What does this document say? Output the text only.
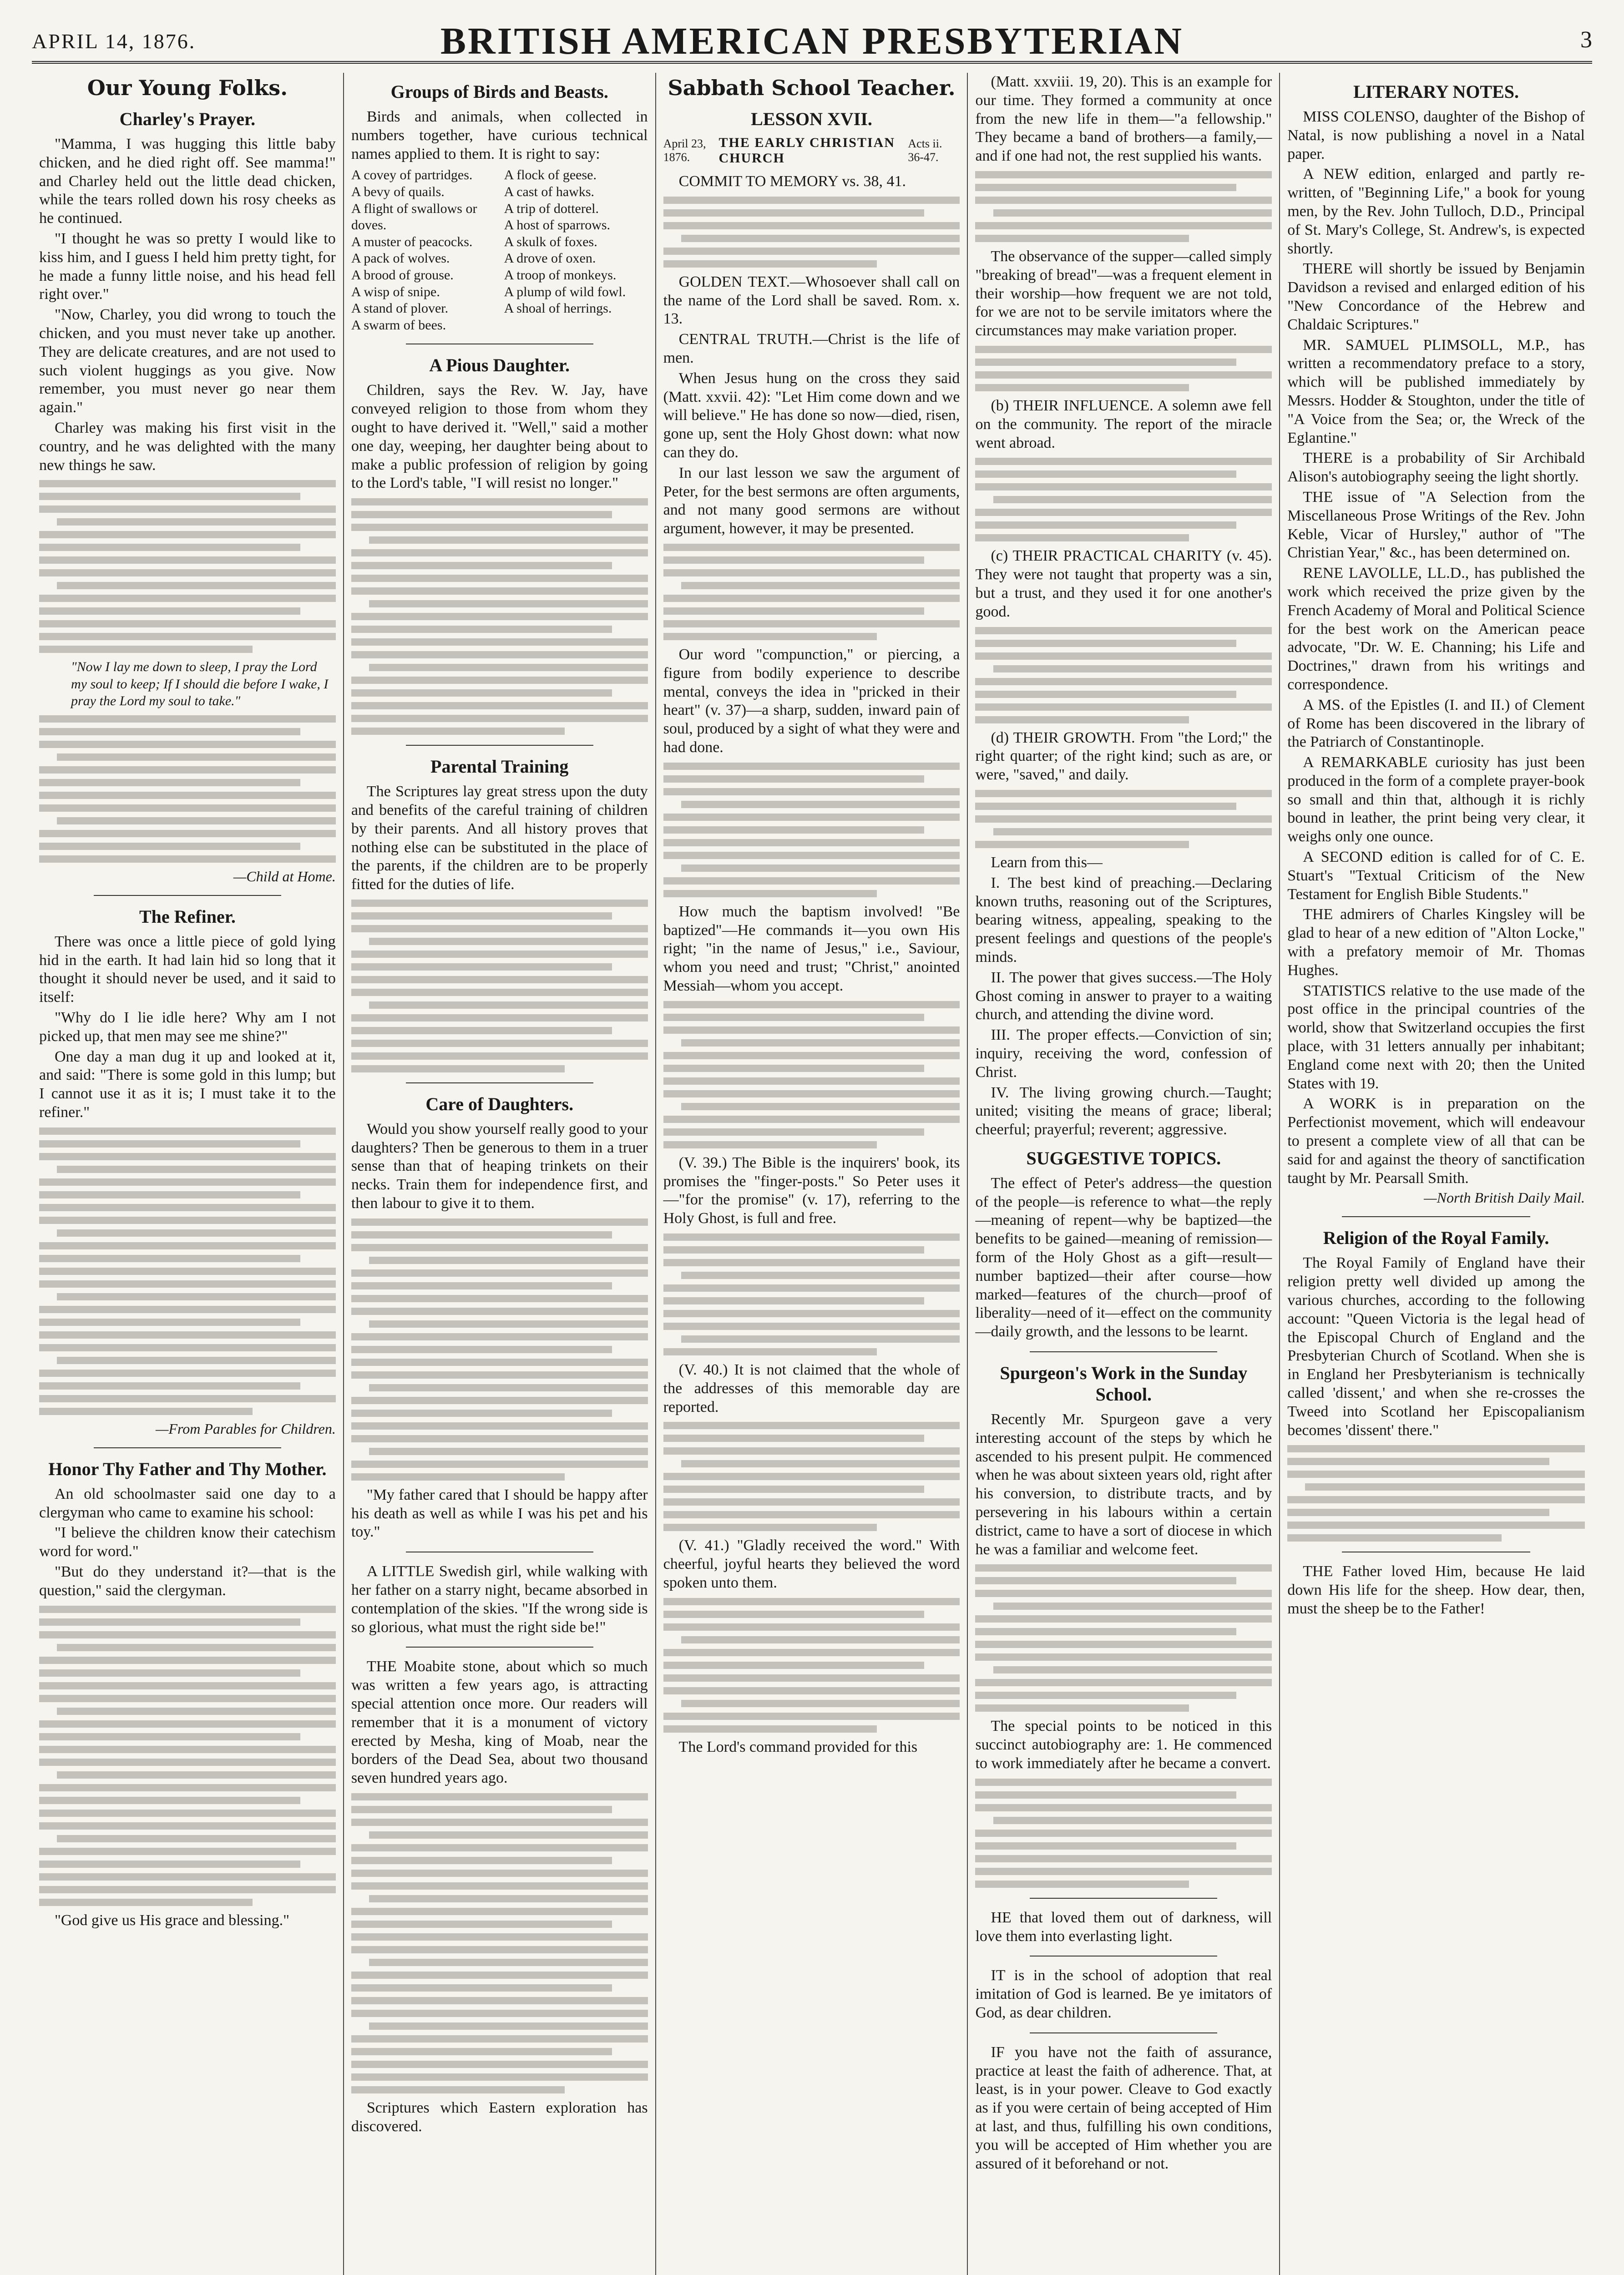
APRIL 14, 1876.	BRITISH AMERICAN PRESBYTERIAN	3
Our Young Folks.
Charley's Prayer.

"Mamma, I was hugging this little baby chicken, and he died right off. See mamma!" and Charley held out the little dead chicken, while the tears rolled down his rosy cheeks as he continued.

"I thought he was so pretty I would like to kiss him, and I guess I held him pretty tight, for he made a funny little noise, and his head fell right over."

"Now, Charley, you did wrong to touch the chicken, and you must never take up another. They are delicate creatures, and are not used to such violent huggings as you give. Now remember, you must never go near them again."

Charley was making his first visit in the country, and he was delighted with the many new things he saw.

"Now I lay me down to sleep, I pray the Lord my soul to keep; If I should die before I wake, I pray the Lord my soul to take."
—Child at Home.
The Refiner.

There was once a little piece of gold lying hid in the earth. It had lain hid so long that it thought it should never be used, and it said to itself:

"Why do I lie idle here? Why am I not picked up, that men may see me shine?"

One day a man dug it up and looked at it, and said: "There is some gold in this lump; but I cannot use it as it is; I must take it to the refiner."

—From Parables for Children.
Honor Thy Father and Thy Mother.

An old schoolmaster said one day to a clergyman who came to examine his school:

"I believe the children know their catechism word for word."

"But do they understand it?—that is the question," said the clergyman.

"God give us His grace and blessing."

Groups of Birds and Beasts.

Birds and animals, when collected in numbers together, have curious technical names applied to them. It is right to say:

A covey of partridges.
A bevy of quails.
A flight of swallows or doves.
A muster of peacocks.
A pack of wolves.
A brood of grouse.
A wisp of snipe.
A stand of plover.
A swarm of bees.
A flock of geese.
A cast of hawks.
A trip of dotterel.
A host of sparrows.
A skulk of foxes.
A drove of oxen.
A troop of monkeys.
A plump of wild fowl.
A shoal of herrings.
A Pious Daughter.

Children, says the Rev. W. Jay, have conveyed religion to those from whom they ought to have derived it. "Well," said a mother one day, weeping, her daughter being about to make a public profession of religion by going to the Lord's table, "I will resist no longer."

Parental Training

The Scriptures lay great stress upon the duty and benefits of the careful training of children by their parents. And all history proves that nothing else can be substituted in the place of the parents, if the children are to be properly fitted for the duties of life.

Care of Daughters.

Would you show yourself really good to your daughters? Then be generous to them in a truer sense than that of heaping trinkets on their necks. Train them for independence first, and then labour to give it to them.

"My father cared that I should be happy after his death as well as while I was his pet and his toy."

A LITTLE Swedish girl, while walking with her father on a starry night, became absorbed in contemplation of the skies. "If the wrong side is so glorious, what must the right side be!"

THE Moabite stone, about which so much was written a few years ago, is attracting special attention once more. Our readers will remember that it is a monument of victory erected by Mesha, king of Moab, near the borders of the Dead Sea, about two thousand seven hundred years ago.

Scriptures which Eastern exploration has discovered.

Sabbath School Teacher.
LESSON XVII.
April 23, 1876.
THE EARLY CHRISTIAN CHURCH
Acts ii. 36-47.

COMMIT TO MEMORY vs. 38, 41.

GOLDEN TEXT.—Whosoever shall call on the name of the Lord shall be saved. Rom. x. 13.

CENTRAL TRUTH.—Christ is the life of men.

When Jesus hung on the cross they said (Matt. xxvii. 42): "Let Him come down and we will believe." He has done so now—died, risen, gone up, sent the Holy Ghost down: what now can they do.

In our last lesson we saw the argument of Peter, for the best sermons are often arguments, and not many good sermons are without argument, however, it may be presented.

Our word "compunction," or piercing, a figure from bodily experience to describe mental, conveys the idea in "pricked in their heart" (v. 37)—a sharp, sudden, inward pain of soul, produced by a sight of what they were and had done.

How much the baptism involved! "Be baptized"—He commands it—you own His right; "in the name of Jesus," i.e., Saviour, whom you need and trust; "Christ," anointed Messiah—whom you accept.

(V. 39.) The Bible is the inquirers' book, its promises the "finger-posts." So Peter uses it—"for the promise" (v. 17), referring to the Holy Ghost, is full and free.

(V. 40.) It is not claimed that the whole of the addresses of this memorable day are reported.

(V. 41.) "Gladly received the word." With cheerful, joyful hearts they believed the word spoken unto them.

The Lord's command provided for this

(Matt. xxviii. 19, 20). This is an example for our time. They formed a community at once from the new life in them—"a fellowship." They became a band of brothers—a family,—and if one had not, the rest supplied his wants.

The observance of the supper—called simply "breaking of bread"—was a frequent element in their worship—how frequent we are not told, for we are not to be servile imitators where the circumstances may make variation proper.

(b) THEIR INFLUENCE. A solemn awe fell on the community. The report of the miracle went abroad.

(c) THEIR PRACTICAL CHARITY (v. 45). They were not taught that property was a sin, but a trust, and they used it for one another's good.

(d) THEIR GROWTH. From "the Lord;" the right quarter; of the right kind; such as are, or were, "saved," and daily.

Learn from this—

I. The best kind of preaching.—Declaring known truths, reasoning out of the Scriptures, bearing witness, appealing, speaking to the present feelings and questions of the people's minds.

II. The power that gives success.—The Holy Ghost coming in answer to prayer to a waiting church, and attending the divine word.

III. The proper effects.—Conviction of sin; inquiry, receiving the word, confession of Christ.

IV. The living growing church.—Taught; united; visiting the means of grace; liberal; cheerful; prayerful; reverent; aggressive.

SUGGESTIVE TOPICS.

The effect of Peter's address—the question of the people—is reference to what—the reply—meaning of repent—why be baptized—the benefits to be gained—meaning of remission—form of the Holy Ghost as a gift—result—number baptized—their after course—how marked—features of the church—proof of liberality—need of it—effect on the community—daily growth, and the lessons to be learnt.

Spurgeon's Work in the Sunday School.

Recently Mr. Spurgeon gave a very interesting account of the steps by which he ascended to his present pulpit. He commenced when he was about sixteen years old, right after his conversion, to distribute tracts, and by persevering in his labours within a certain district, came to have a sort of diocese in which he was a familiar and welcome feet.

The special points to be noticed in this succinct autobiography are: 1. He commenced to work immediately after he became a convert.

HE that loved them out of darkness, will love them into everlasting light.

IT is in the school of adoption that real imitation of God is learned. Be ye imitators of God, as dear children.

IF you have not the faith of assurance, practice at least the faith of adherence. That, at least, is in your power. Cleave to God exactly as if you were certain of being accepted of Him at last, and thus, fulfilling his own conditions, you will be accepted of Him whether you are assured of it beforehand or not.

LITERARY NOTES.

MISS COLENSO, daughter of the Bishop of Natal, is now publishing a novel in a Natal paper.

A NEW edition, enlarged and partly re-written, of "Beginning Life," a book for young men, by the Rev. John Tulloch, D.D., Principal of St. Mary's College, St. Andrew's, is expected shortly.

THERE will shortly be issued by Benjamin Davidson a revised and enlarged edition of his "New Concordance of the Hebrew and Chaldaic Scriptures."

MR. SAMUEL PLIMSOLL, M.P., has written a recommendatory preface to a story, which will be published immediately by Messrs. Hodder & Stoughton, under the title of "A Voice from the Sea; or, the Wreck of the Eglantine."

THERE is a probability of Sir Archibald Alison's autobiography seeing the light shortly.

THE issue of "A Selection from the Miscellaneous Prose Writings of the Rev. John Keble, Vicar of Hursley," author of "The Christian Year," &c., has been determined on.

RENE LAVOLLE, LL.D., has published the work which received the prize given by the French Academy of Moral and Political Science for the best work on the American peace advocate, "Dr. W. E. Channing; his Life and Doctrines," drawn from his writings and correspondence.

A MS. of the Epistles (I. and II.) of Clement of Rome has been discovered in the library of the Patriarch of Constantinople.

A REMARKABLE curiosity has just been produced in the form of a complete prayer-book so small and thin that, although it is richly bound in leather, the print being very clear, it weighs only one ounce.

A SECOND edition is called for of C. E. Stuart's "Textual Criticism of the New Testament for English Bible Students."

THE admirers of Charles Kingsley will be glad to hear of a new edition of "Alton Locke," with a prefatory memoir of Mr. Thomas Hughes.

STATISTICS relative to the use made of the post office in the principal countries of the world, show that Switzerland occupies the first place, with 31 letters annually per inhabitant; England come next with 20; then the United States with 19.

A WORK is in preparation on the Perfectionist movement, which will endeavour to present a complete view of all that can be said for and against the theory of sanctification taught by Mr. Pearsall Smith.

—North British Daily Mail.
Religion of the Royal Family.

The Royal Family of England have their religion pretty well divided up among the various churches, according to the following account: "Queen Victoria is the legal head of the Episcopal Church of England and the Presbyterian Church of Scotland. When she is in England her Presbyterianism is technically called 'dissent,' and when she re-crosses the Tweed into Scotland her Episcopalianism becomes 'dissent' there."

THE Father loved Him, because He laid down His life for the sheep. How dear, then, must the sheep be to the Father!
